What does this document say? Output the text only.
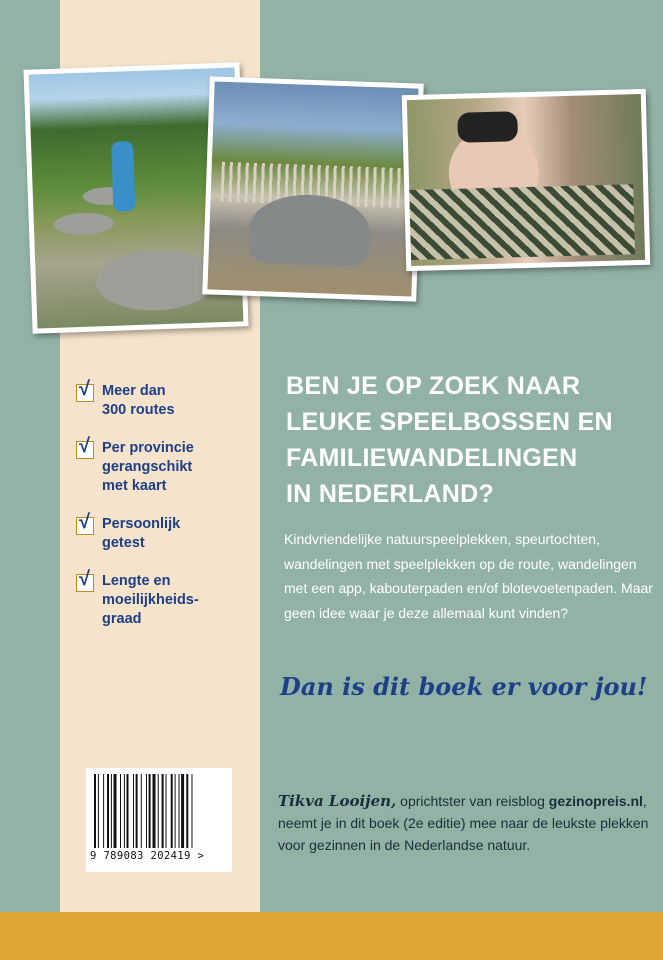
√ Meer dan
300 routes
√ Per provincie
gerangschikt
met kaart
√ Persoonlijk
getest
√ Lengte en
moeilijkheids-
graad
9 789083 202419 >
BEN JE OP ZOEK NAAR
LEUKE SPEELBOSSEN EN
FAMILIEWANDELINGEN
IN NEDERLAND?
Kindvriendelijke natuurspeelplekken, speurtochten, wandelingen met speelplekken op de route, wandelingen met een app, kabouterpaden en/of blotevoetenpaden. Maar geen idee waar je deze allemaal kunt vinden?
Dan is dit boek er voor jou!
Tikva Looijen, oprichtster van reisblog gezinopreis.nl, neemt je in dit boek (2e editie) mee naar de leukste plekken voor gezinnen in de Nederlandse natuur.
